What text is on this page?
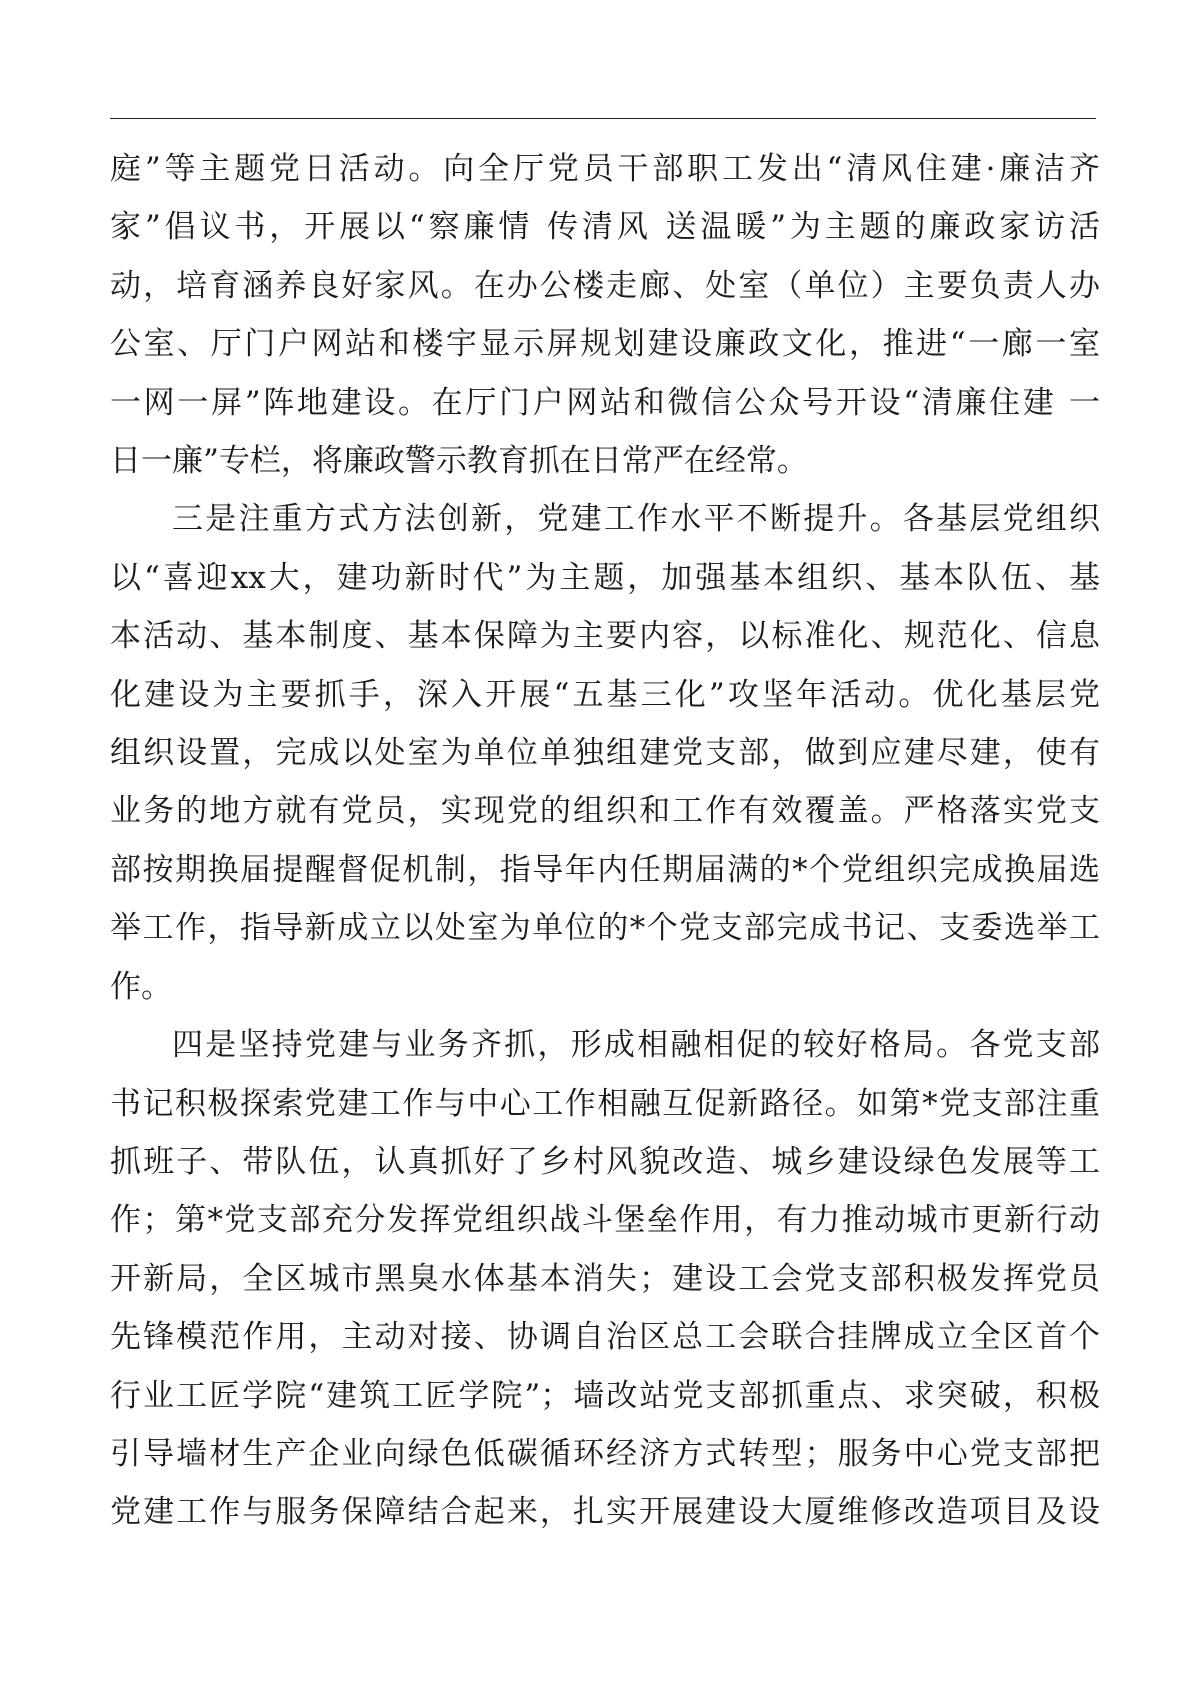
庭”等主题党日活动。向全厅党员干部职工发出“清风住建·廉洁齐
家”倡议书，开展以“察廉情 传清风 送温暖”为主题的廉政家访活
动，培育涵养良好家风。在办公楼走廊、处室（单位）主要负责人办
公室、厅门户网站和楼宇显示屏规划建设廉政文化，推进“一廊一室
一网一屏”阵地建设。在厅门户网站和微信公众号开设“清廉住建 一
日一廉”专栏，将廉政警示教育抓在日常严在经常。

三是注重方式方法创新，党建工作水平不断提升。各基层党组织
以“喜迎xx大，建功新时代”为主题，加强基本组织、基本队伍、基
本活动、基本制度、基本保障为主要内容，以标准化、规范化、信息
化建设为主要抓手，深入开展“五基三化”攻坚年活动。优化基层党
组织设置，完成以处室为单位单独组建党支部，做到应建尽建，使有
业务的地方就有党员，实现党的组织和工作有效覆盖。严格落实党支
部按期换届提醒督促机制，指导年内任期届满的*个党组织完成换届选
举工作，指导新成立以处室为单位的*个党支部完成书记、支委选举工
作。

四是坚持党建与业务齐抓，形成相融相促的较好格局。各党支部
书记积极探索党建工作与中心工作相融互促新路径。如第*党支部注重
抓班子、带队伍，认真抓好了乡村风貌改造、城乡建设绿色发展等工
作；第*党支部充分发挥党组织战斗堡垒作用，有力推动城市更新行动
开新局，全区城市黑臭水体基本消失；建设工会党支部积极发挥党员
先锋模范作用，主动对接、协调自治区总工会联合挂牌成立全区首个
行业工匠学院“建筑工匠学院”；墙改站党支部抓重点、求突破，积极
引导墙材生产企业向绿色低碳循环经济方式转型；服务中心党支部把
党建工作与服务保障结合起来，扎实开展建设大厦维修改造项目及设
